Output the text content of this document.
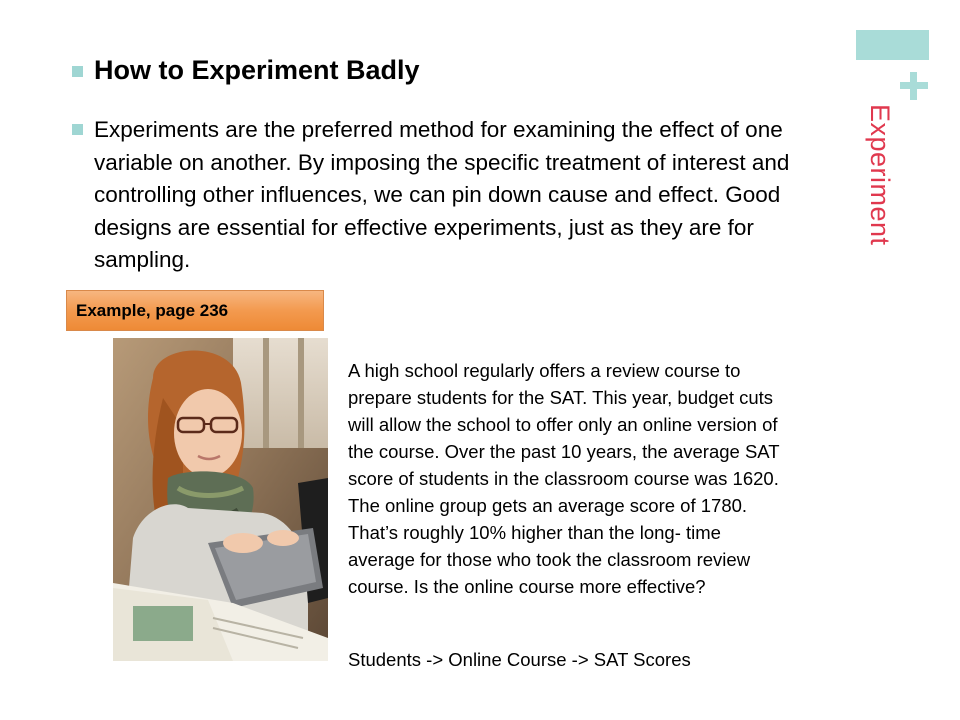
Experiment
How to Experiment Badly
Experiments are the preferred method for examining the effect of one variable on another. By imposing the specific treatment of interest and controlling other influences, we can pin down cause and effect. Good designs are essential for effective experiments, just as they are for sampling.
Example, page 236
A high school regularly offers a review course to
prepare students for the SAT. This year, budget cuts
will allow the school to offer only an online version of
the course. Over the past 10 years, the average SAT
score of students in the classroom course was 1620.
The online group gets an average score of 1780.
That’s roughly 10% higher than the long- time
average for those who took the classroom review
course. Is the online course more effective?
Students -> Online Course -> SAT Scores
